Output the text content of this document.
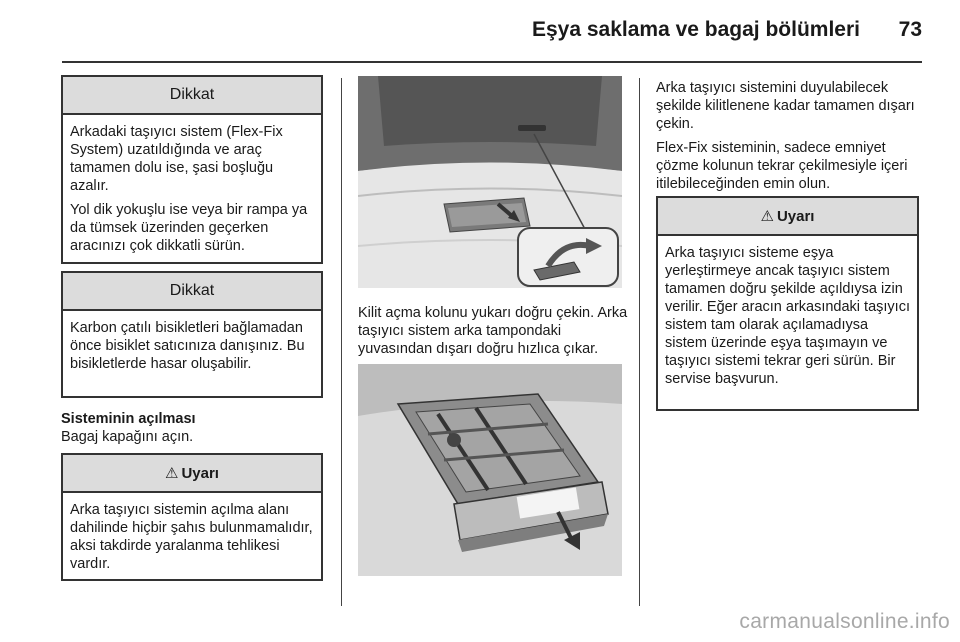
Eşya saklama ve bagaj bölümleri	73
Dikkat

Arkadaki taşıyıcı sistem (Flex-Fix System) uzatıldığında ve araç tamamen dolu ise, şasi boşluğu azalır.

Yol dik yokuşlu ise veya bir rampa ya da tümsek üzerinden geçerken aracınızı çok dikkatli sürün.

Dikkat

Karbon çatılı bisikletleri bağlamadan önce bisiklet satıcınıza danışınız. Bu bisikletlerde hasar oluşabilir.

Sisteminin açılması
Bagaj kapağını açın.
⚠ Uyarı

Arka taşıyıcı sistemin açılma alanı dahilinde hiçbir şahıs bulunmamalıdır, aksi takdirde yaralanma tehlikesi vardır.

Kilit açma kolunu yukarı doğru çekin. Arka taşıyıcı sistem arka tampondaki yuvasından dışarı doğru hızlıca çıkar.

Arka taşıyıcı sistemini duyulabilecek şekilde kilitlenene kadar tamamen dışarı çekin.

Flex-Fix sisteminin, sadece emniyet çözme kolunun tekrar çekilmesiyle içeri itilebileceğinden emin olun.

⚠ Uyarı

Arka taşıyıcı sisteme eşya yerleştirmeye ancak taşıyıcı sistem tamamen doğru şekilde açıldıysa izin verilir. Eğer aracın arkasındaki taşıyıcı sistem tam olarak açılamadıysa sistem üzerinde eşya taşımayın ve taşıyıcı sistemi tekrar geri sürün. Bir servise başvurun.

carmanualsonline.info
